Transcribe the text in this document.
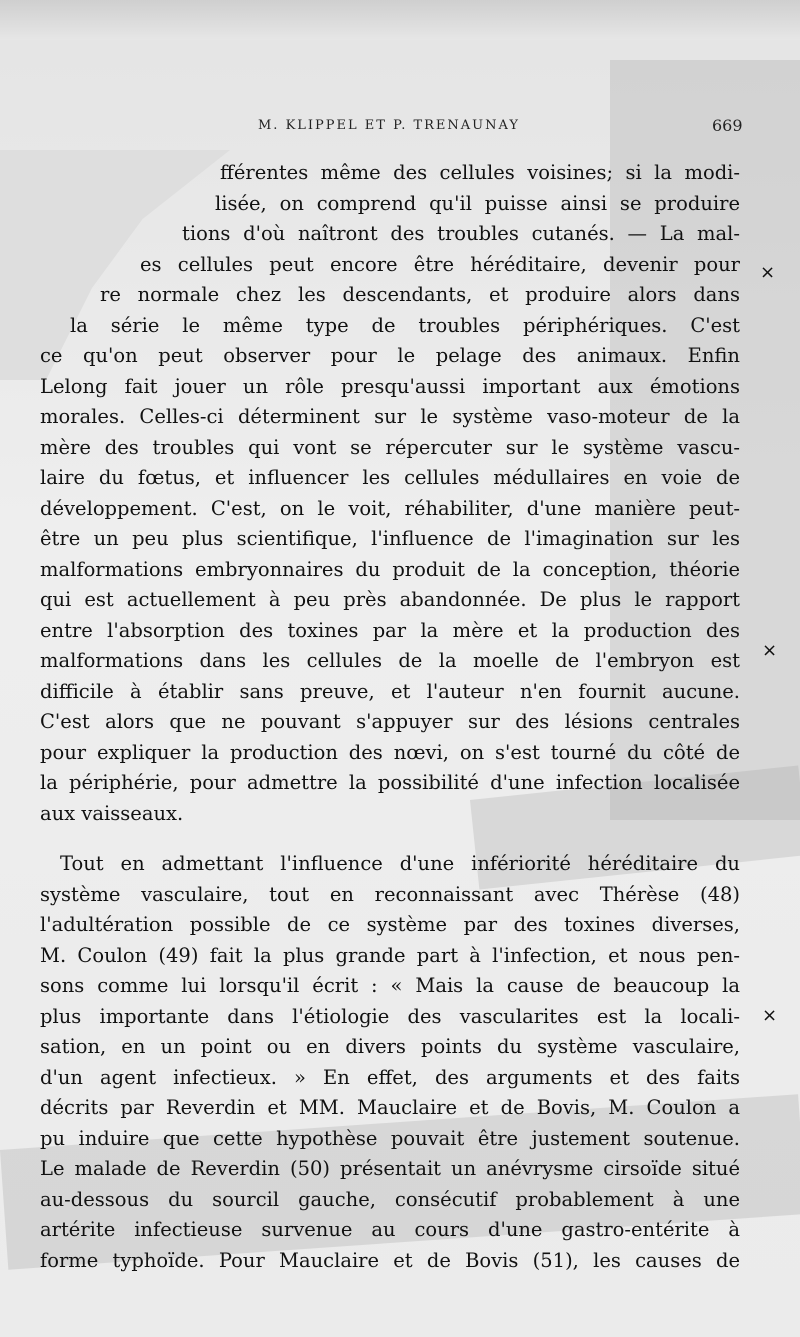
M. KLIPPEL ET P. TRENAUNAY	669
ﬀérentes même des cellules voisines; si la modi-
lisée, on comprend qu'il puisse ainsi se produire
tions d'où naîtront des troubles cutanés. — La mal-
es cellules peut encore être héréditaire, devenir pour
re normale chez les descendants, et produire alors dans
la série le même type de troubles périphériques. C'est
ce qu'on peut observer pour le pelage des animaux. Enfin
Lelong fait jouer un rôle presqu'aussi important aux émotions
morales. Celles-ci déterminent sur le système vaso-moteur de la
mère des troubles qui vont se répercuter sur le système vascu-
laire du fœtus, et influencer les cellules médullaires en voie de
développement. C'est, on le voit, réhabiliter, d'une manière peut-
être un peu plus scientifique, l'influence de l'imagination sur les
malformations embryonnaires du produit de la conception, théorie
qui est actuellement à peu près abandonnée. De plus le rapport
entre l'absorption des toxines par la mère et la production des
malformations dans les cellules de la moelle de l'embryon est
difficile à établir sans preuve, et l'auteur n'en fournit aucune.
C'est alors que ne pouvant s'appuyer sur des lésions centrales
pour expliquer la production des nœvi, on s'est tourné du côté de
la périphérie, pour admettre la possibilité d'une infection localisée
aux vaisseaux.
Tout en admettant l'influence d'une infériorité héréditaire du
système vasculaire, tout en reconnaissant avec Thérèse (48)
l'adultération possible de ce système par des toxines diverses,
M. Coulon (49) fait la plus grande part à l'infection, et nous pen-
sons comme lui lorsqu'il écrit : « Mais la cause de beaucoup la
plus importante dans l'étiologie des vascularites est la locali-
sation, en un point ou en divers points du système vasculaire,
d'un agent infectieux. » En effet, des arguments et des faits
décrits par Reverdin et MM. Mauclaire et de Bovis, M. Coulon a
pu induire que cette hypothèse pouvait être justement soutenue.
Le malade de Reverdin (50) présentait un anévrysme cirsoïde situé
au-dessous du sourcil gauche, consécutif probablement à une
artérite infectieuse survenue au cours d'une gastro-entérite à
forme typhoïde. Pour Mauclaire et de Bovis (51), les causes de
×
×
×
